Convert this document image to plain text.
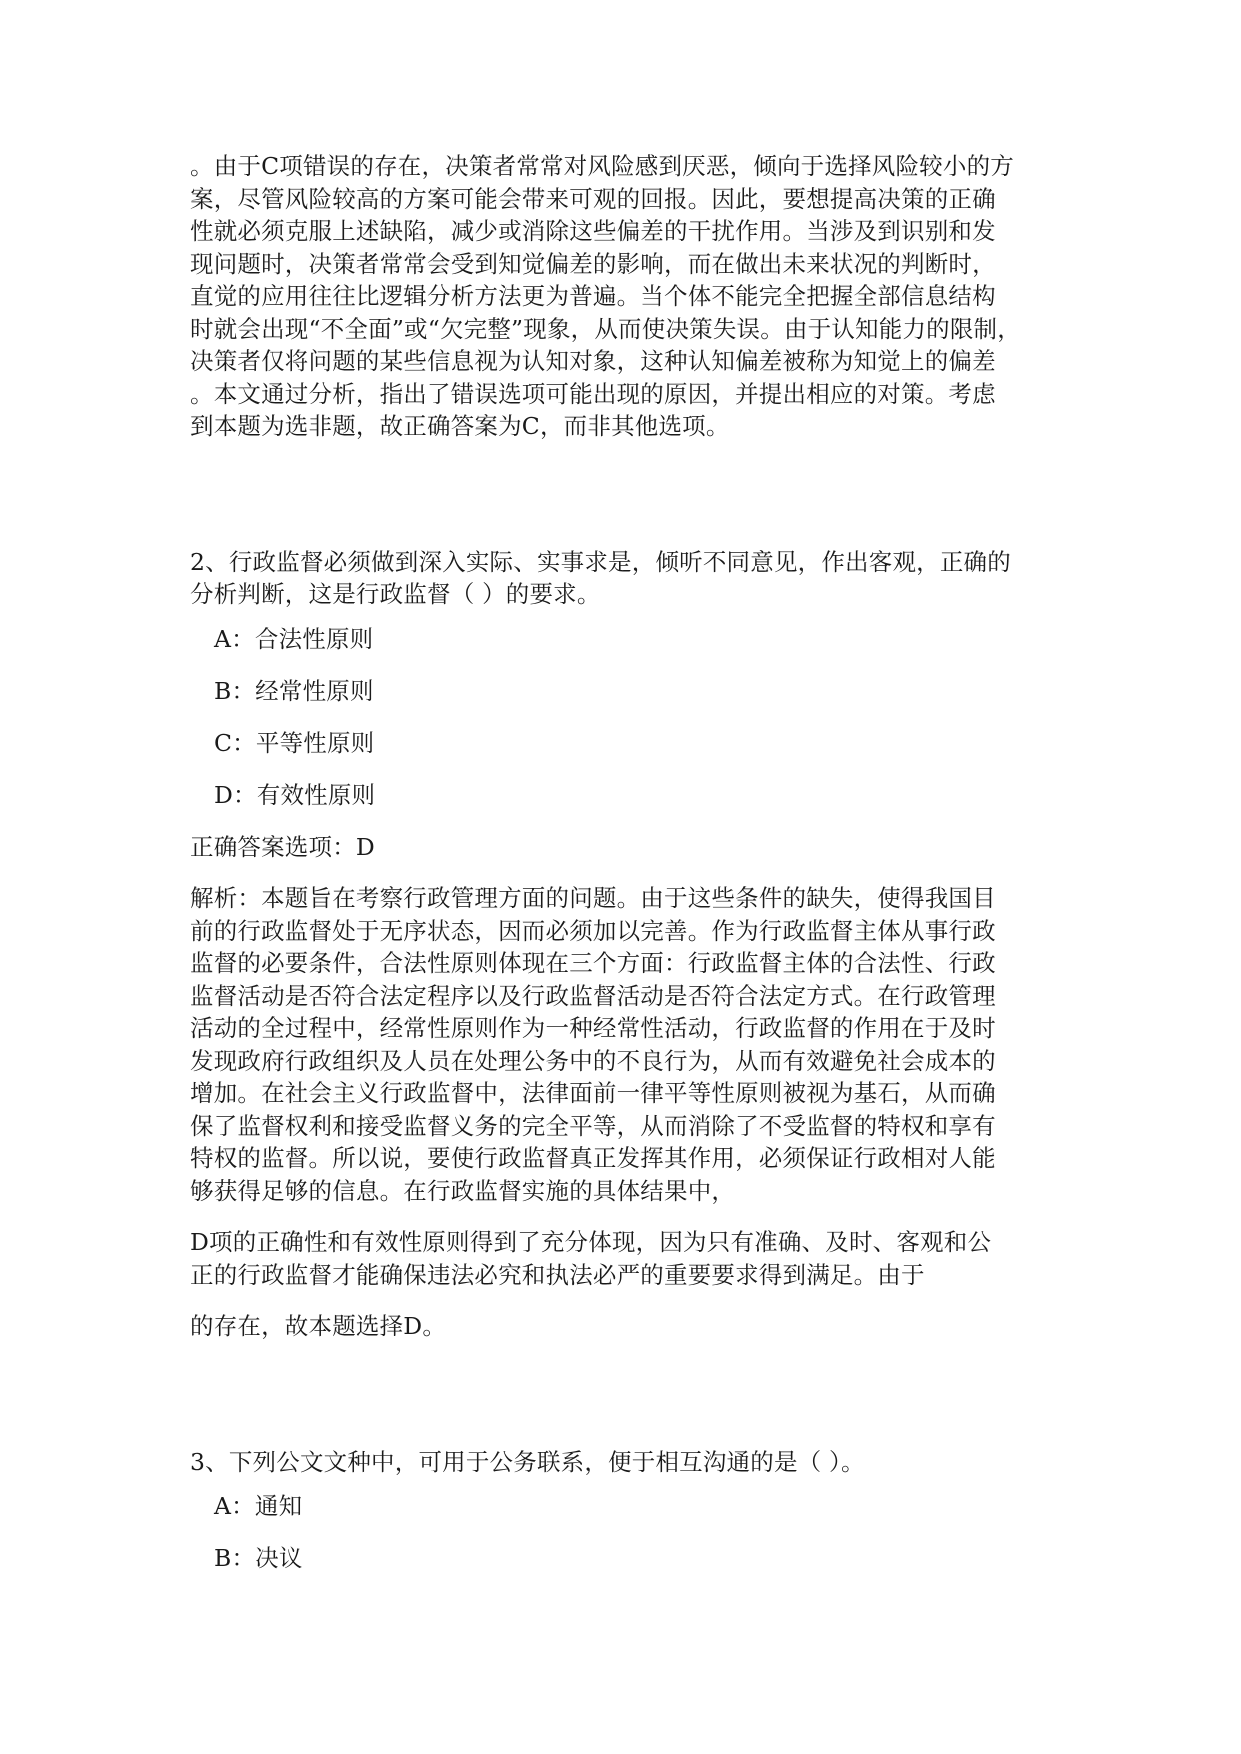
。由于C项错误的存在，决策者常常对风险感到厌恶，倾向于选择风险较小的方
案，尽管风险较高的方案可能会带来可观的回报。因此，要想提高决策的正确
性就必须克服上述缺陷，减少或消除这些偏差的干扰作用。当涉及到识别和发
现问题时，决策者常常会受到知觉偏差的影响，而在做出未来状况的判断时，
直觉的应用往往比逻辑分析方法更为普遍。当个体不能完全把握全部信息结构
时就会出现“不全面”或“欠完整”现象，从而使决策失误。由于认知能力的限制，
决策者仅将问题的某些信息视为认知对象，这种认知偏差被称为知觉上的偏差
。本文通过分析，指出了错误选项可能出现的原因，并提出相应的对策。考虑
到本题为选非题，故正确答案为C，而非其他选项。
2、行政监督必须做到深入实际、实事求是，倾听不同意见，作出客观，正确的
分析判断，这是行政监督（ ）的要求。
A：合法性原则
B：经常性原则
C：平等性原则
D：有效性原则
正确答案选项：D
解析：本题旨在考察行政管理方面的问题。由于这些条件的缺失，使得我国目
前的行政监督处于无序状态，因而必须加以完善。作为行政监督主体从事行政
监督的必要条件，合法性原则体现在三个方面：行政监督主体的合法性、行政
监督活动是否符合法定程序以及行政监督活动是否符合法定方式。在行政管理
活动的全过程中，经常性原则作为一种经常性活动，行政监督的作用在于及时
发现政府行政组织及人员在处理公务中的不良行为，从而有效避免社会成本的
增加。在社会主义行政监督中，法律面前一律平等性原则被视为基石，从而确
保了监督权利和接受监督义务的完全平等，从而消除了不受监督的特权和享有
特权的监督。所以说，要使行政监督真正发挥其作用，必须保证行政相对人能
够获得足够的信息。在行政监督实施的具体结果中，
D项的正确性和有效性原则得到了充分体现，因为只有准确、及时、客观和公
正的行政监督才能确保违法必究和执法必严的重要要求得到满足。由于
的存在，故本题选择D。
3、下列公文文种中，可用于公务联系，便于相互沟通的是（ ）。
A：通知
B：决议
